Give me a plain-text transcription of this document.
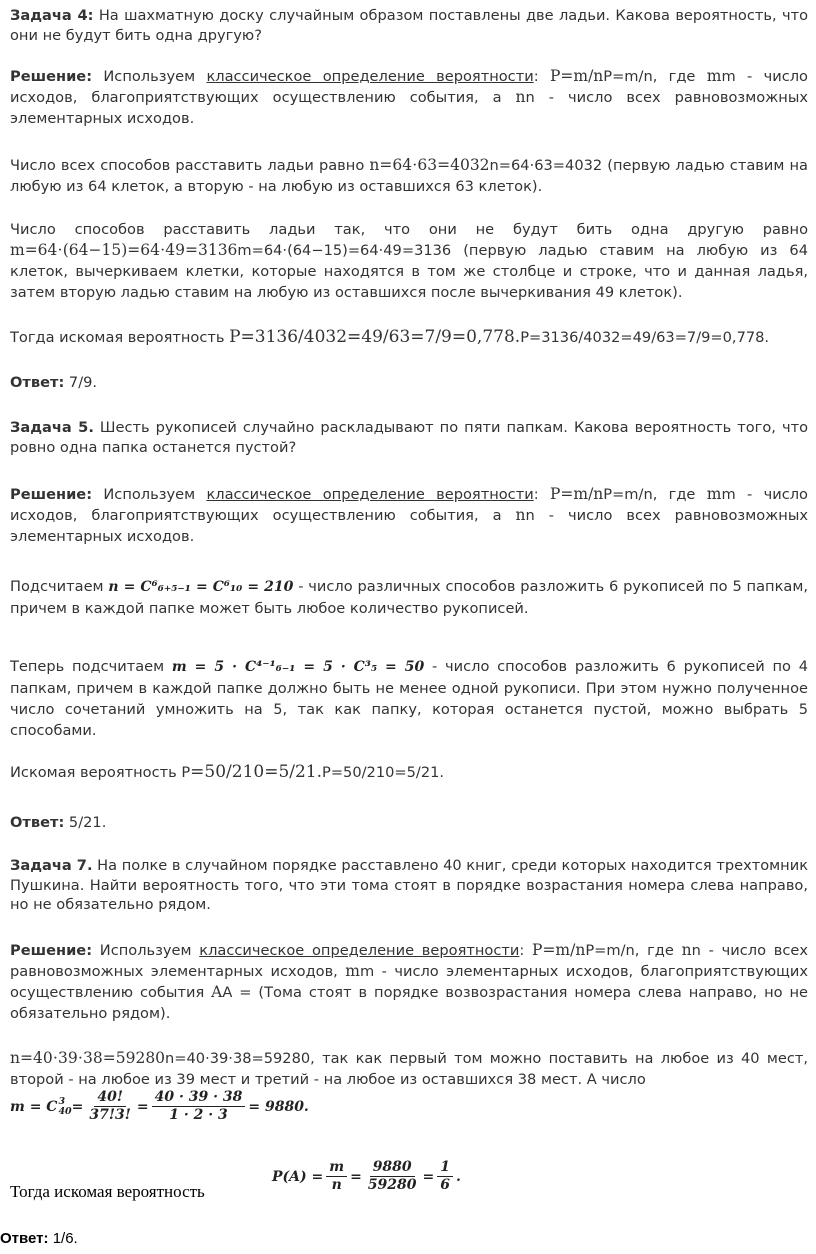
Задача 4: На шахматную доску случайным образом поставлены две ладьи. Какова вероятность, что они не будут бить одна другую?

Решение: Используем классическое определение вероятности: P=m/nP=m/n, где mm - число исходов, благоприятствующих осуществлению события, а nn - число всех равновозможных элементарных исходов.

Число всех способов расставить ладьи равно n=64⋅63=4032n=64⋅63=4032 (первую ладью ставим на любую из 64 клеток, а вторую - на любую из оставшихся 63 клеток).

Число способов расставить ладьи так, что они не будут бить одна другую равно m=64⋅(64−15)=64⋅49=3136m=64⋅(64−15)=64⋅49=3136 (первую ладью ставим на любую из 64 клеток, вычеркиваем клетки, которые находятся в том же столбце и строке, что и данная ладья, затем вторую ладью ставим на любую из оставшихся после вычеркивания 49 клеток).

Тогда искомая вероятность P=3136/4032=49/63=7/9=0,778.P=3136/4032=49/63=7/9=0,778.

Ответ: 7/9.

Задача 5. Шесть рукописей случайно раскладывают по пяти папкам. Какова вероятность того, что ровно одна папка останется пустой?

Решение: Используем классическое определение вероятности: P=m/nP=m/n, где mm - число исходов, благоприятствующих осуществлению события, а nn - число всех равновозможных элементарных исходов.

Подсчитаем n = C⁶₆₊₅₋₁ = C⁶₁₀ = 210 - число различных способов разложить 6 рукописей по 5 папкам, причем в каждой папке может быть любое количество рукописей.

Теперь подсчитаем m = 5 · C⁴⁻¹₆₋₁ = 5 · C³₅ = 50 - число способов разложить 6 рукописей по 4 папкам, причем в каждой папке должно быть не менее одной рукописи. При этом нужно полученное число сочетаний умножить на 5, так как папку, которая останется пустой, можно выбрать 5 способами.

Искомая вероятность P=50/210=5/21.P=50/210=5/21.

Ответ: 5/21.

Задача 7. На полке в случайном порядке расставлено 40 книг, среди которых находится трехтомник Пушкина. Найти вероятность того, что эти тома стоят в порядке возрастания номера слева направо, но не обязательно рядом.

Решение: Используем классическое определение вероятности: P=m/nP=m/n, где nn - число всех равновозможных элементарных исходов, mm - число элементарных исходов, благоприятствующих осуществлению события AA = (Тома стоят в порядке возвозрастания номера слева направо, но не обязательно рядом).

n=40⋅39⋅38=59280n=40⋅39⋅38=59280, так как первый том можно поставить на любое из 40 мест, второй - на любое из 39 мест и третий - на любое из оставшихся 38 мест. А число

m = C 3
$40 = \frac{40!}{37!3!} = \frac{40 \cdot 39 \cdot 38}{1 \cdot 2 \cdot 3} = 9880$.
Тогда искомая вероятность
$P(A) = \frac{m}{n} = \frac{9880}{59280} = \frac{1}{6}$ .

Ответ: 1/6.
